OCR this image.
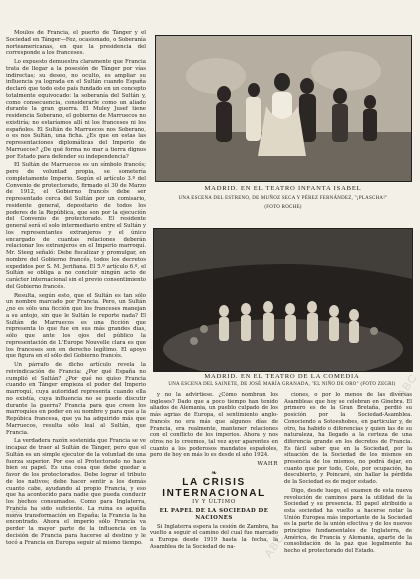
Moulos de Francia, el puerto de Tánger y el Sociedad en Tánger—Fez, ocasionado, o Soberanía norteamericanas, en que la presidencia del corresponde a los franceses.

Lo expuesto demuestra claramente que Francia trata de llegar a la posesión de Tánger por vías indirectas; su deseo, no oculto, es ampliar su influencia ya lograda en el Sultán cuando España declaró que todo este país fundado en un concepto totalmente equivocado: la soberanía del Sultán y, como consecuencia, considerarle como un aliado durante la gran guerra. El Muley Jusef tiene residencia Soberano, el gobierno de Marruecos no existiría; no estaríamos allí ni los franceses ni los españoles. El Sultán de Marruecos nos Soberano, o es nos Sultán, una ficha. ¿Es que en estas las representaciones diplomáticas del Imperio de Marruecos? ¿De qué forma no mar a tierra dignos por Estado para defender su independencia?

El Sultán de Marruecos es un símbolo francés; pero de voluntad propia, se sometería completamente Imperio. Según el artículo 3.º del Convenio de protectorado, firmado el 30 de Marzo de 1912, el Gobierno francés debe ser representado cerca del Sultán por un comisario, residente general, depositario de todos los poderes de la República, que son por la ejecución del Convenio de protectorado. El residente general será el solo intermediario entre el Sultán y los representantes extranjeros y el único encargado de cuantas relaciones deberán relacionar los extranjeros en el Imperio marroquí. Mr. Steeg señaló: Debe fiscalizar y promulgar, en nombre del Gobierno francés, todos los decretos expedidos por S. M. Jerifiana. El 5.º artículo 6.º, el Sultán se obliga a no concluir ningún acto de carácter internacional sin el previo consentimiento del Gobierno francés.

Resulta, según esto, que el Sultán es tan sólo un nombre marcado por Francia. Pero, un Sultán ¿no es sólo una ficción que los franceses manejan a su antojo, sin que le Sultán le reporte nada? El Sultán de Marruecos es una ficción que representa lo que fue en sus más grandes días, sólo que ante los ojos del público la representación de L'Europe Nouvelle clara es que los franceses son en derecho legítimo. El apoyo que figura en el sólo del Gobierno francés.

Un párrafo de dicho artículo revela la reivindicación de Francia: ¿Por qué España no cumplió el Sultán? ¿Por qué no quiso Francia cuando en Tánger empieza el poder del Imperio marroquí, cuya autoridad representa cuando ella no existía, cuya influencia no se puede discutir durante la guerra? Francia para que creen los marroquíes en poder en su nombre y para que a la Repúbica francesa, que ya ha adquirido más que Marruecos, resulta sólo leal al Sultán, que Francia.

La verdadera razón sostenida que Francia se ve incapaz de traer al Sultán de Tánger, pero que el Sultán es un simple ejecutor de la voluntad de una fuerza superior. Por eso el Protectorado no hace bien su papel. Es una cosa que debe quedar a favor de los protectorados. Debe lograr el tributo de los nativos; debe hacer sentir a los demás cuanto cabe, ayudando al propio Francia, y eso que ha acontecido para nadie que pueda conducir los hechos consumados. Como para Inglaterra, Francia ha sido suficiente. La ruina es aquélla nueva transformación en España; la Francia la ha encontrado. Ahora el imperio sólo Francia va perder la mayor parte de la influencia en la decisión de Francia para hacerse al destino y le tocó a Francia en Europa seguir al mismo tiempo.

MADRID. EN EL TEATRO INFANTA ISABEL
UNA ESCENA DEL ESTRENO, DE MUÑOZ SECA Y PÉREZ FERNÁNDEZ, "¡PLASCHA!"
(FOTO ROCHE)
MADRID. EN EL TEATRO DE LA COMEDIA
UNA ESCENA DEL SAINETE, DE JOSÉ MARÍA GRANADA, "EL NIÑO DE ORO" (FOTO ZEGRI)

y no la advirtiese. ¿Cómo nombran los ingleses? Dado que a poco tiempo han tenido aliados de Alemania, un pueblo culpado de los más agrias de Europa, el sentimiento anglo-francés no era más que algunos días de Francia, era realmente, mantener relaciones con el conflicto de los imperios. Ahora y nos otros no lo creemos, tal vez ayer aparentes en cuanto a los poderosos mandatos españoles, pero de hoy en más lo es desde el año 1924.

WAHR
❧
LA CRISIS
INTERNACIONAL
IV Y ÚLTIMO
EL PAPEL DE LA SOCIEDAD DE NACIONES

Si Inglaterra espera la cesión de Zambra, ha vuelto a seguir el camino del cual fue marcado a Europa desde 1919 hasta la fecha, la Asamblea de la Sociedad de na-

ciones, o por lo menos de las diversas Asambleas que hoy se celebran en Ginebra. El primero es de la Gran Bretaña, perdió su posición por la Sociedad-Asamblea. Conociendo a Sotoeshobes, en particular y, de otro, ha habido o diferencias y quien las de su naturaleza, ha llegado a la certeza de una diferencia grande en los decretos de Francia. Es fácil saber que en la Sociedad, por la situación de la Sociedad de los mismos en presencia de los mismos, no podrá dejar, en cuanto que por todo, Cole, por ocupación, ha descubierto, y Poincaré, sin hallar la pérdida de la Sociedad es de mejor estado.

Digo, desde luego, el examen de esta nueva revolución de caminos para la utilidad de la Sociedad y su presencia. El papel atribuido a esta sociedad ha vuelto a hacerse notar la Unión Europea más importante de la Sociedad es la parte de la unión efectiva y de los nuevos principios fundamentales de Inglaterra, de América, de Francia y Alemania, aparte de la consolidación de la paz que legalmente ha hecho el protectorado del Estado.

ABC
ABC
ABC
